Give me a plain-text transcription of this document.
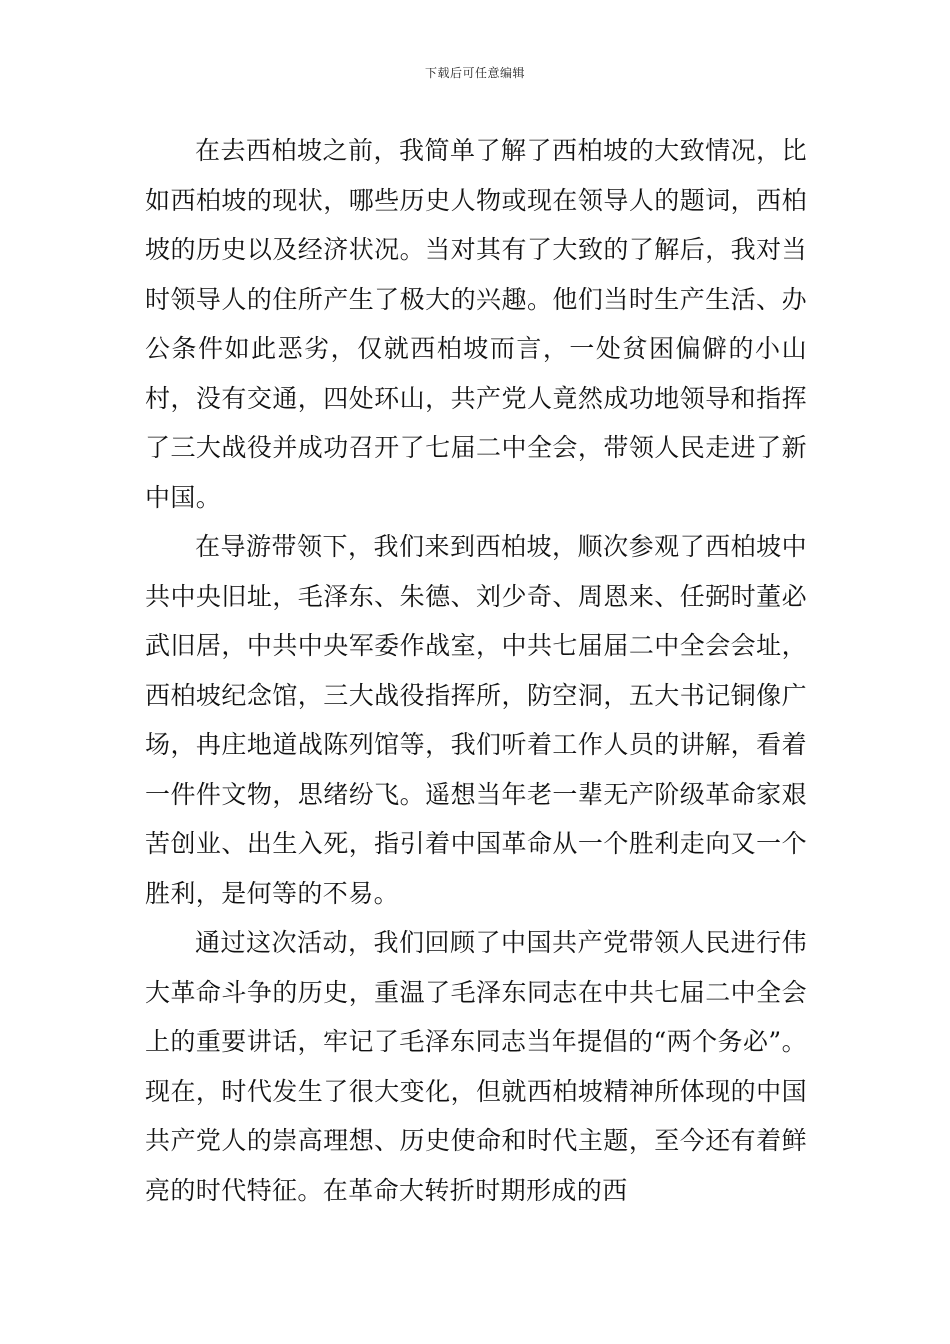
下载后可任意编辑

在去西柏坡之前，我简单了解了西柏坡的大致情况，比如西柏坡的现状，哪些历史人物或现在领导人的题词，西柏坡的历史以及经济状况。当对其有了大致的了解后，我对当时领导人的住所产生了极大的兴趣。他们当时生产生活、办公条件如此恶劣，仅就西柏坡而言，一处贫困偏僻的小山村，没有交通，四处环山，共产党人竟然成功地领导和指挥了三大战役并成功召开了七届二中全会，带领人民走进了新中国。

在导游带领下，我们来到西柏坡，顺次参观了西柏坡中共中央旧址，毛泽东、朱德、刘少奇、周恩来、任弼时董必武旧居，中共中央军委作战室，中共七届届二中全会会址，西柏坡纪念馆，三大战役指挥所，防空洞，五大书记铜像广场，冉庄地道战陈列馆等，我们听着工作人员的讲解，看着一件件文物，思绪纷飞。遥想当年老一辈无产阶级革命家艰苦创业、出生入死，指引着中国革命从一个胜利走向又一个胜利，是何等的不易。

通过这次活动，我们回顾了中国共产党带领人民进行伟大革命斗争的历史，重温了毛泽东同志在中共七届二中全会上的重要讲话，牢记了毛泽东同志当年提倡的“两个务必”。现在，时代发生了很大变化，但就西柏坡精神所体现的中国共产党人的崇高理想、历史使命和时代主题，至今还有着鲜亮的时代特征。在革命大转折时期形成的西
